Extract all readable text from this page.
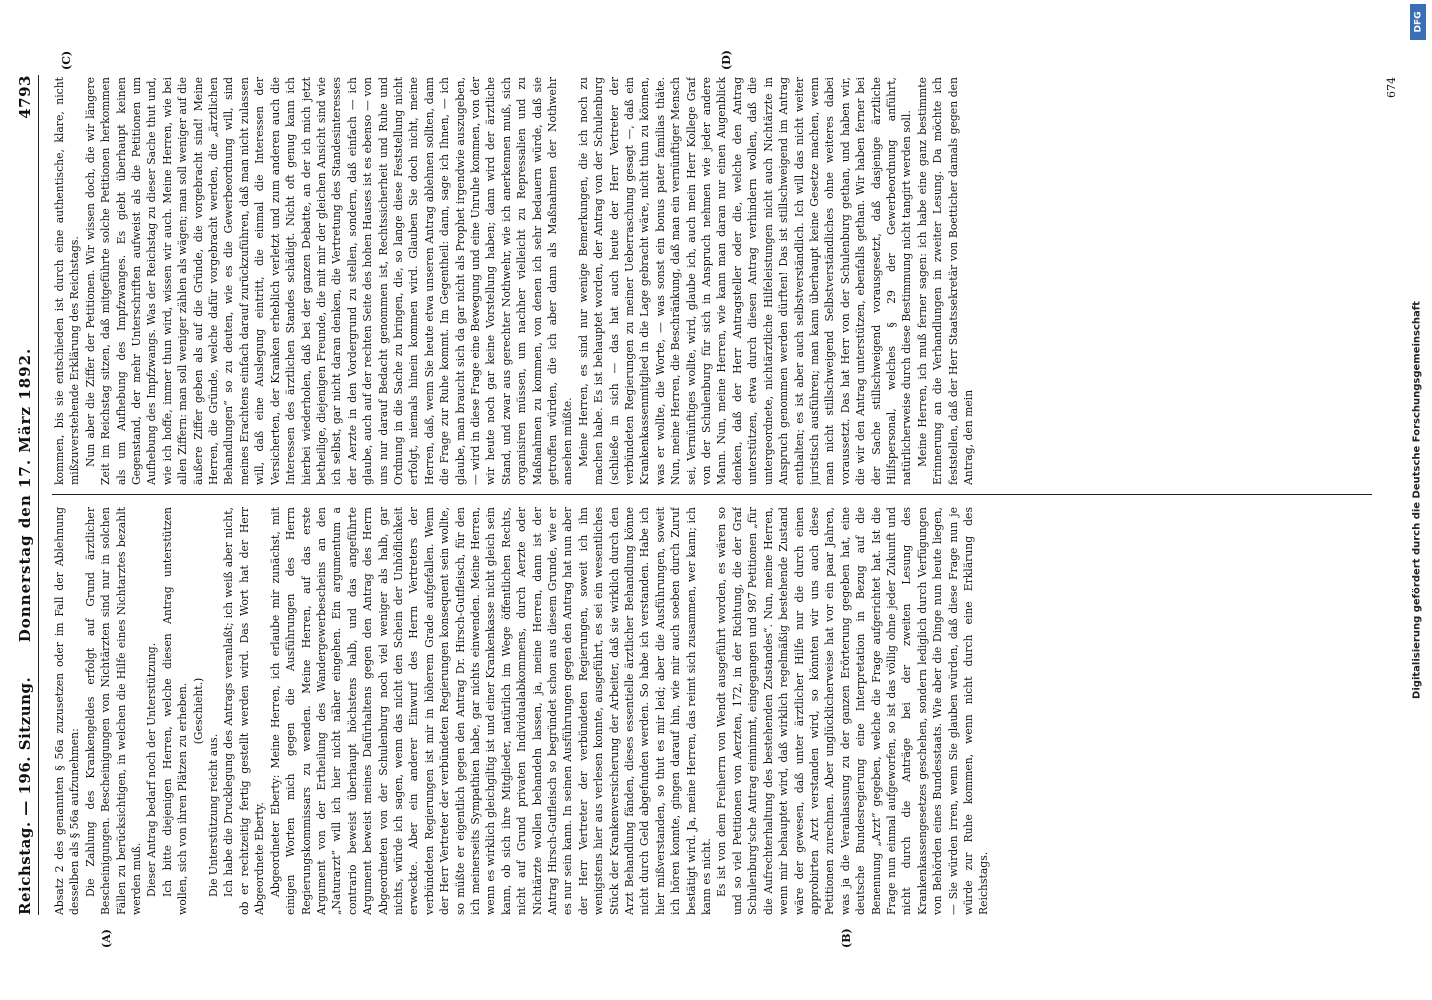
Reichstag. — 196. Sitzung.
Donnerstag den 17. März 1892.
4793
(A)	(B)
(C)	(D)

Absatz 2 des genannten § 56a zuzusetzen oder im Fall der Ablehnung desselben als § 56a aufzunehmen: Die Zahlung des Krankengeldes erfolgt auf Grund ärztlicher Bescheinigungen. Bescheinigungen von Nichtärzten sind nur in solchen Fällen zu berücksichtigen, in welchen die Hilfe eines Nichtarztes bezahlt werden muß. Dieser Antrag bedarf noch der Unterstützung. Ich bitte diejenigen Herren, welche diesen Antrag unterstützen wollen, sich von ihren Plätzen zu erheben. (Geschieht.)

Die Unterstützung reicht aus. Ich habe die Drucklegung des Antrags veranlaßt; ich weiß aber nicht, ob er rechtzeitig fertig gestellt werden wird. Das Wort hat der Herr Abgeordnete Eberty. Abgeordneter Eberty: Meine Herren, ich erlaube mir zunächst, mit einigen Worten mich gegen die Ausführungen des Herrn Regierungskommissars zu wenden. Meine Herren, auf das erste Argument von der Ertheilung des Wandergewerbescheins an den „Naturarzt“ will ich hier nicht näher eingehen. Ein argumentum a contrario beweist überhaupt höchstens halb, und das angeführte Argument beweist meines Dafürhaltens gegen den Antrag des Herrn Abgeordneten von der Schulenburg noch viel weniger als halb, gar nichts, würde ich sagen, wenn das nicht den Schein der Unhöflichkeit erweckte. Aber ein anderer Einwurf des Herrn Vertreters der verbündeten Regierungen ist mir in höherem Grade aufgefallen. Wenn der Herr Vertreter der verbündeten Regierungen konsequent sein wollte, so müßte er eigentlich gegen den Antrag Dr. Hirsch-Gutfleisch, für den ich meinerseits Sympathien habe, gar nichts einwenden. Meine Herren, wenn es wirklich gleichgiltig ist und einer Krankenkasse nicht gleich sein kann, ob sich ihre Mitglieder, natürlich im Wege öffentlichen Rechts, nicht auf Grund privaten Individualabkommens, durch Aerzte oder Nichtärzte wollen behandeln lassen, ja, meine Herren, dann ist der Antrag Hirsch-Gutfleisch so begründet schon aus diesem Grunde, wie er es nur sein kann. In seinen Ausführungen gegen den Antrag hat nun aber der Herr Vertreter der verbündeten Regierungen, soweit ich ihn wenigstens hier aus verlesen konnte, ausgeführt, es sei ein wesentliches Stück der Krankenversicherung der Arbeiter, daß sie wirklich durch den Arzt Behandlung fänden, dieses essentielle ärztlicher Behandlung könne nicht durch Geld abgefunden werden. So habe ich verstanden. Habe ich hier mißverstanden, so thut es mir leid; aber die Ausführungen, soweit ich hören konnte, gingen darauf hin, wie mir auch soeben durch Zuruf bestätigt wird. Ja, meine Herren, das reimt sich zusammen, wer kann; ich kann es nicht. Es ist von dem Freiherrn von Wendt ausgeführt worden, es wären so und so viel Petitionen von Aerzten, 172, in der Richtung, die der Graf Schulenburg'sche Antrag einnimmt, eingegangen und 987 Petitionen „für die Aufrechterhaltung des bestehenden Zustandes“. Nun, meine Herren, wenn mir behauptet wird, daß wirklich regelmäßig bestehende Zustand wäre der gewesen, daß unter ärztlicher Hilfe nur die durch einen approbirten Arzt verstanden wird, so könnten wir uns auch diese Petitionen zurechnen. Aber unglücklicherweise hat vor ein paar Jahren, was ja die Veranlassung zu der ganzen Erörterung gegeben hat, eine deutsche Bundesregierung eine Interpretation in Bezug auf die Benennung „Arzt“ gegeben, welche die Frage aufgerichtet hat. Ist die Frage nun einmal aufgeworfen, so ist das völlig ohne jeder Zukunft und nicht durch die Anträge bei der zweiten Lesung des Krankenkassengesetzes geschehen, sondern lediglich durch Verfügungen von Behörden eines Bundesstaats. Wie aber die Dinge nun heute liegen, — Sie würden irren, wenn Sie glauben würden, daß diese Frage nun je würde zur Ruhe kommen, wenn nicht durch eine Erklärung des Reichstags.

kommen, bis sie entschieden ist durch eine authentische, klare, nicht mißzuverstehende Erklärung des Reichstags. Nun aber die Ziffer der Petitionen. Wir wissen doch, die wir längere Zeit im Reichstag sitzen, daß mitgeführte solche Petitionen herkommen als um Aufhebung des Impfzwanges. Es giebt überhaupt keinen Gegenstand, der mehr Unterschriften aufweist als die Petitionen um Aufhebung des Impfzwangs. Was der Reichstag zu dieser Sache thut und, wie ich hoffe, immer thun wird, wissen wir auch. Meine Herren, wie bei allen Ziffern: man soll weniger zählen als wägen; man soll weniger auf die äußere Ziffer geben als auf die Gründe, die vorgebracht sind! Meine Herren, die Gründe, welche dafür vorgebracht werden, die „ärztlichen Behandlungen“ so zu deuten, wie es die Gewerbeordnung will, sind meines Erachtens einfach darauf zurückzuführen, daß man nicht zulassen will, daß eine Auslegung eintritt, die einmal die Interessen der Versicherten, der Kranken erheblich verletzt und zum anderen auch die Interessen des ärztlichen Standes schädigt. Nicht oft genug kann ich hierbei wiederholen, daß bei der ganzen Debatte, an der ich mich jetzt betheilige, diejenigen Freunde, die mit mir der gleichen Ansicht sind wie ich selbst, gar nicht daran denken, die Vertretung des Standesinteresses der Aerzte in den Vordergrund zu stellen, sondern, daß einfach — ich glaube, auch auf der rechten Seite des hohen Hauses ist es ebenso — von uns nur darauf Bedacht genommen ist, Rechtssicherheit und Ruhe und Ordnung in die Sache zu bringen, die, so lange diese Feststellung nicht erfolgt, niemals hinein kommen wird. Glauben Sie doch nicht, meine Herren, daß, wenn Sie heute etwa unseren Antrag ablehnen sollten, dann die Frage zur Ruhe kommt. Im Gegentheil: dann, sage ich Ihnen, — ich glaube, man braucht sich da gar nicht als Prophet irgendwie auszugeben, — wird in diese Frage eine Bewegung und eine Unruhe kommen, von der wir heute noch gar keine Vorstellung haben; dann wird der ärztliche Stand, und zwar aus gerechter Nothwehr, wie ich anerkennen muß, sich organisiren müssen, um nachher vielleicht zu Repressalien und zu Maßnahmen zu kommen, von denen ich sehr bedauern würde, daß sie getroffen würden, die ich aber dann als Maßnahmen der Nothwehr ansehen müßte. Meine Herren, es sind nur wenige Bemerkungen, die ich noch zu machen habe. Es ist behauptet worden, der Antrag von der Schulenburg (schließe in sich — das hat auch heute der Herr Vertreter der verbündeten Regierungen zu meiner Ueberraschung gesagt —, daß ein Krankenkassenmitglied in die Lage gebracht wäre, nicht thun zu können, was er wollte, die Worte, — was sonst ein bonus pater familias thäte. Nun, meine Herren, die Beschränkung, daß man ein vernünftiger Mensch sei, Vernünftiges wollte, wird, glaube ich, auch mein Herr Kollege Graf von der Schulenburg für sich in Anspruch nehmen wie jeder andere Mann. Nun, meine Herren, wie kann man daran nur einen Augenblick denken, daß der Herr Antragsteller oder die, welche den Antrag unterstützen, etwa durch diesen Antrag verhindern wollen, daß die untergeordnete, nichtärztliche Hilfeleistungen nicht auch Nichtärzte in Anspruch genommen werden dürften! Das ist stillschweigend im Antrag enthalten; es ist aber auch selbstverständlich. Ich will das nicht weiter juristisch ausführen; man kann überhaupt keine Gesetze machen, wenn man nicht stillschweigend Selbstverständliches ohne weiteres dabei voraussetzt. Das hat Herr von der Schulenburg gethan, und haben wir, die wir den Antrag unterstützen, ebenfalls gethan. Wir haben ferner bei der Sache stillschweigend vorausgesetzt, daß dasjenige ärztliche Hilfspersonal, welches § 29 der Gewerbeordnung anführt, natürlicherweise durch diese Bestimmung nicht tangirt werden soll. Meine Herren, ich muß ferner sagen: ich habe eine ganz bestimmte Erinnerung an die Verhandlungen in zweiter Lesung. Da möchte ich feststellen, daß der Herr Staatssekretär von Boetticher damals gegen den Antrag, den mein

674
Digitalisierung gefördert durch die Deutsche Forschungsgemeinschaft
DFG
